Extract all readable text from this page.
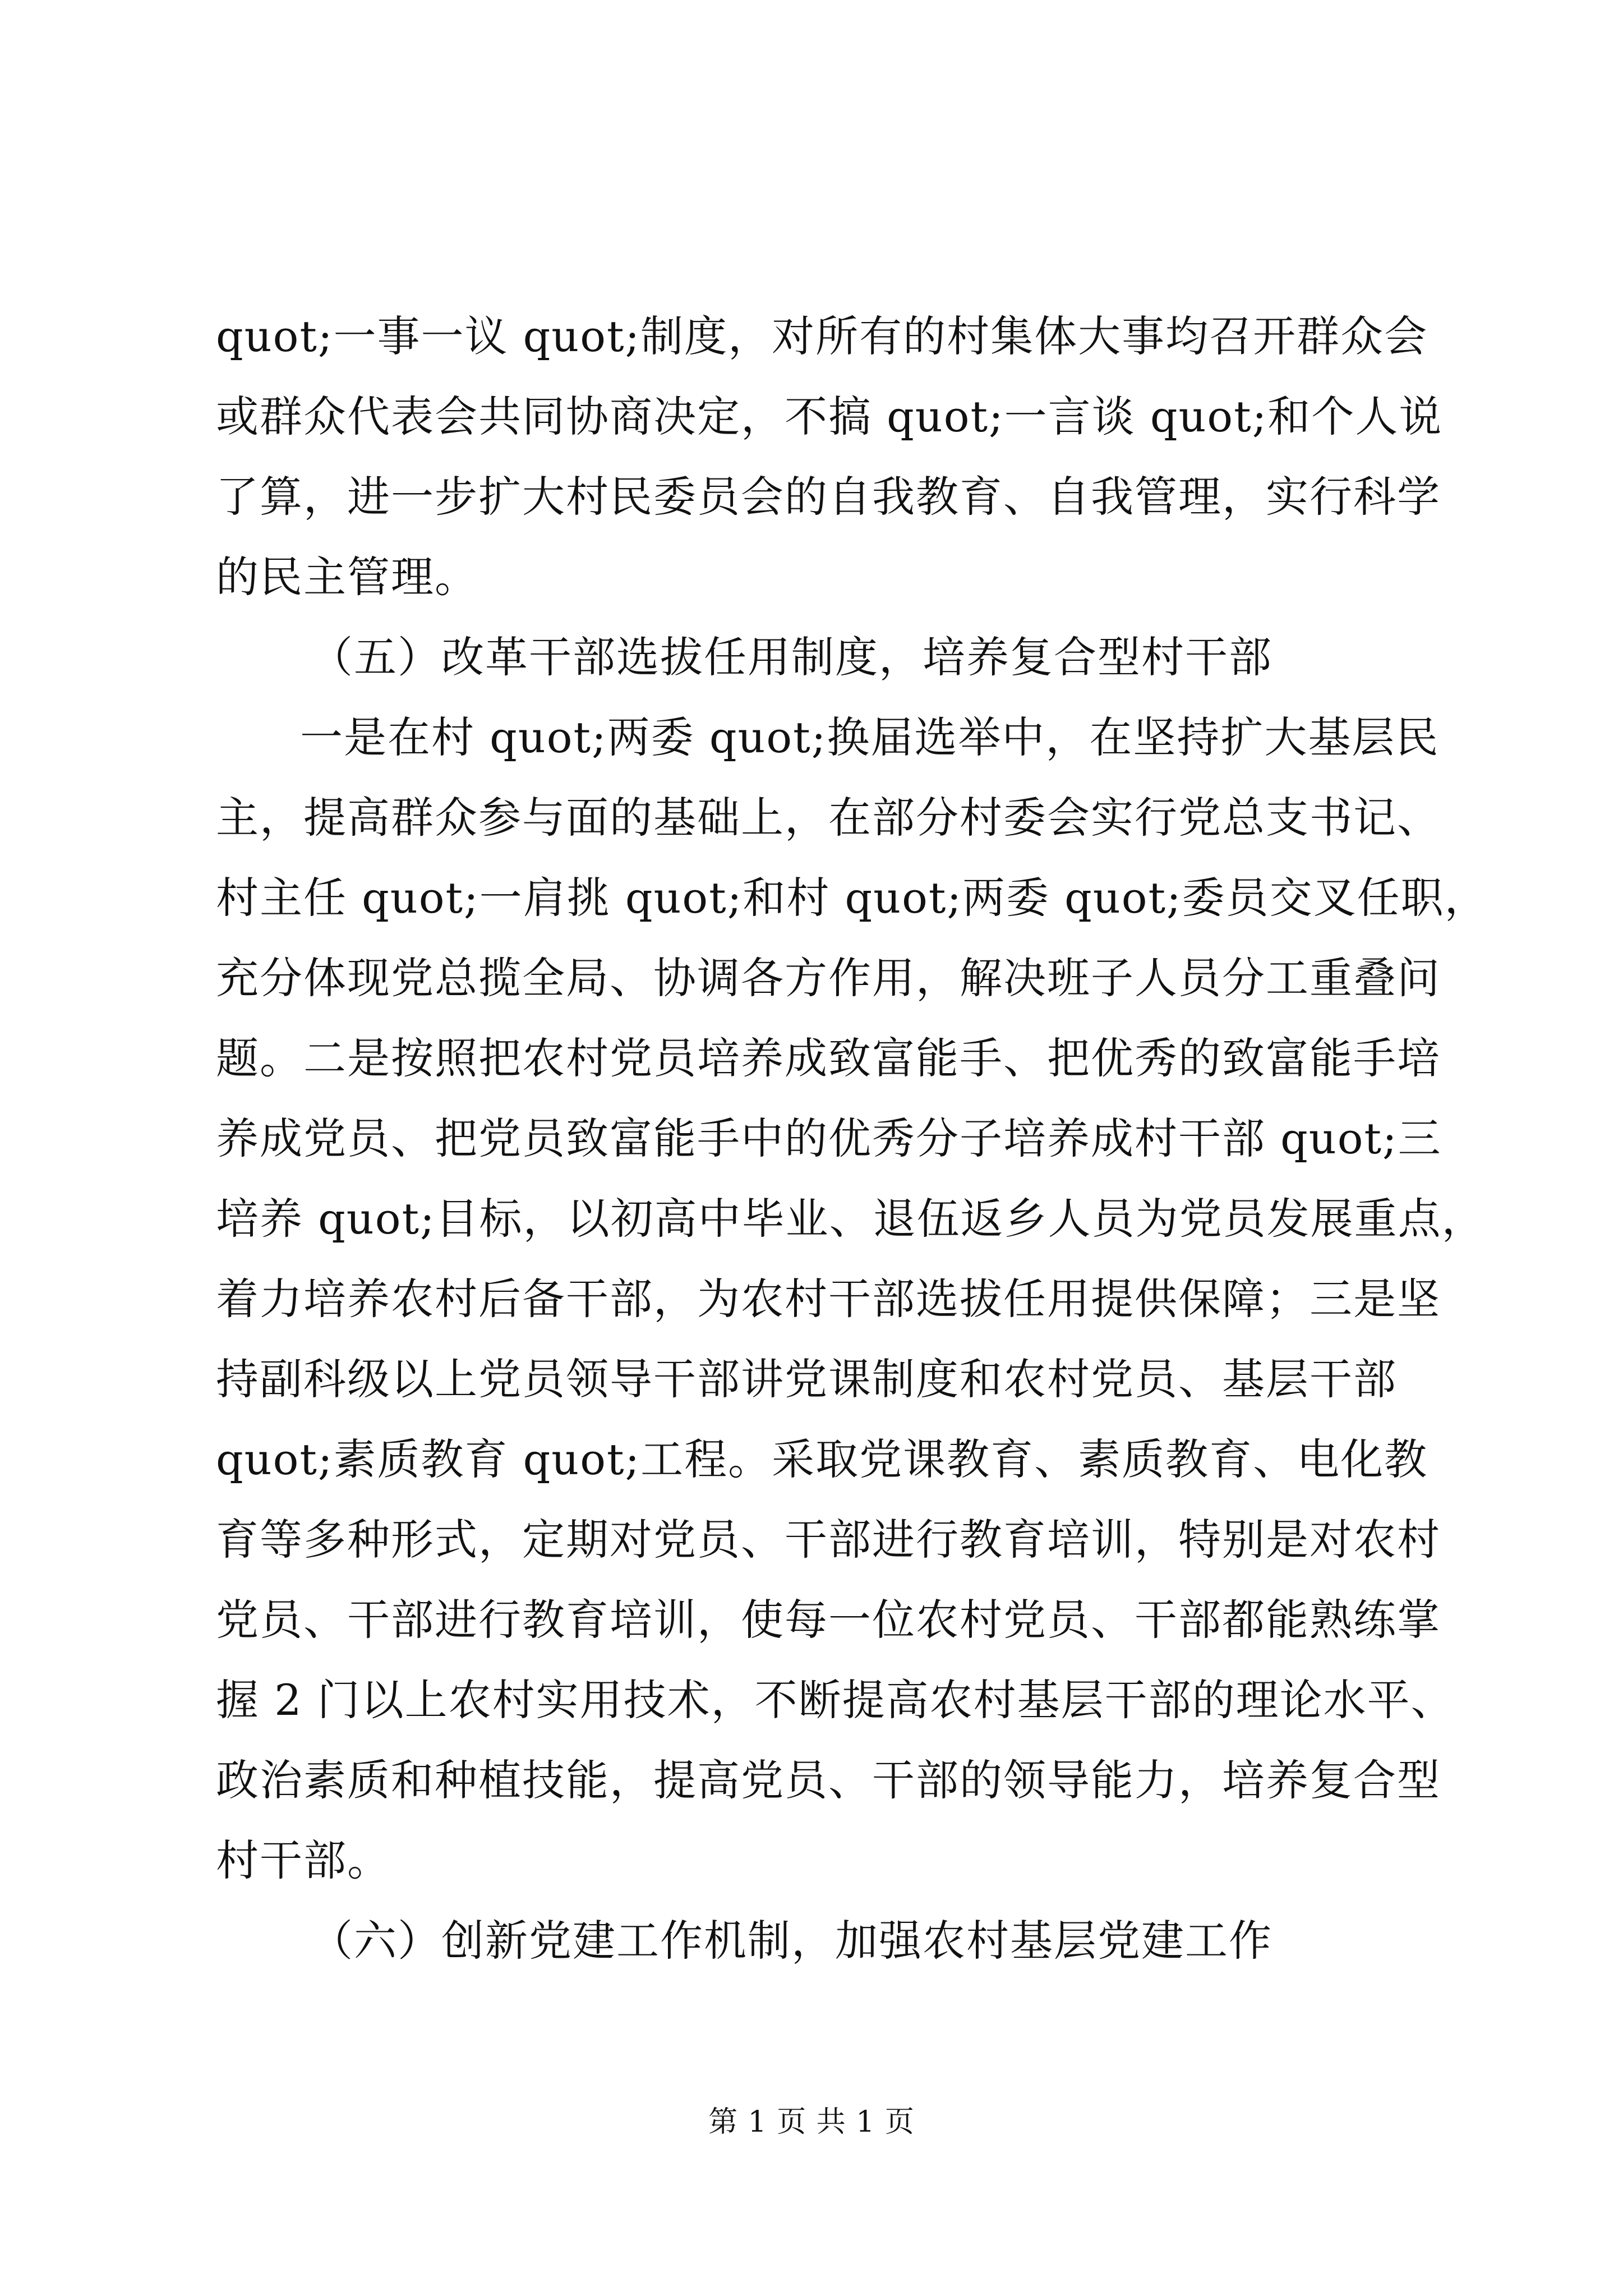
quot;一事一议 quot;制度，对所有的村集体大事均召开群众会
或群众代表会共同协商决定，不搞 quot;一言谈 quot;和个人说
了算，进一步扩大村民委员会的自我教育、自我管理，实行科学
的民主管理。
（五）改革干部选拔任用制度，培养复合型村干部
一是在村 quot;两委 quot;换届选举中，在坚持扩大基层民
主，提高群众参与面的基础上，在部分村委会实行党总支书记、
村主任 quot;一肩挑 quot;和村 quot;两委 quot;委员交叉任职，
充分体现党总揽全局、协调各方作用，解决班子人员分工重叠问
题。二是按照把农村党员培养成致富能手、把优秀的致富能手培
养成党员、把党员致富能手中的优秀分子培养成村干部 quot;三
培养 quot;目标，以初高中毕业、退伍返乡人员为党员发展重点，
着力培养农村后备干部，为农村干部选拔任用提供保障；三是坚
持副科级以上党员领导干部讲党课制度和农村党员、基层干部
quot;素质教育 quot;工程。采取党课教育、素质教育、电化教
育等多种形式，定期对党员、干部进行教育培训，特别是对农村
党员、干部进行教育培训，使每一位农村党员、干部都能熟练掌
握 2 门以上农村实用技术，不断提高农村基层干部的理论水平、
政治素质和种植技能，提高党员、干部的领导能力，培养复合型
村干部。
（六）创新党建工作机制，加强农村基层党建工作
第 1 页 共 1 页
